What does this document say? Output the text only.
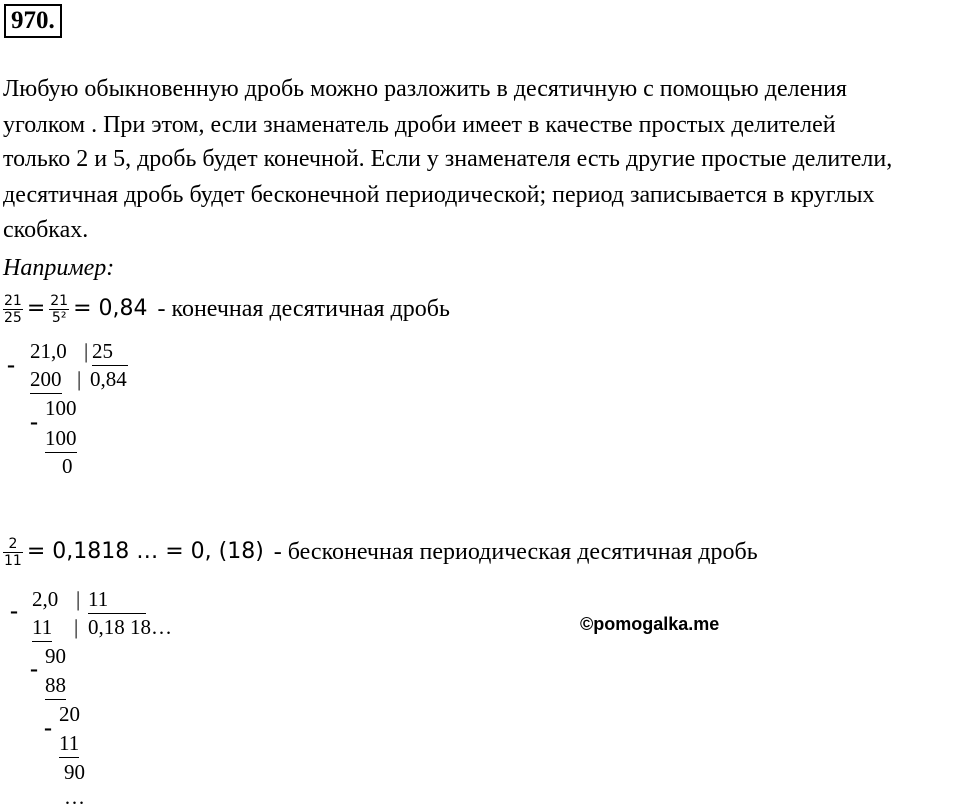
970.
Любую обыкновенную дробь можно разложить в десятичную с помощью деления
уголком . При этом, если знаменатель дроби имеет в качестве простых делителей
только 2 и 5, дробь будет конечной. Если у знаменателя есть другие простые делители,
десятичная дробь будет бесконечной периодической; период записывается в круглых
скобках.
Например:
$\frac{21}{25} = \frac{21}{\text{5²}} = 0,84$ - конечная десятичная дробь
-
21,0 | 25
200 | 0,84
-
100
100
0
$\frac{2}{11} = 0,1818$ … = 0, (18) - бесконечная периодическая десятичная дробь
- 2,0 | 11
11 | 0,18 18…
- 90
88
-
20
11
90
…
©pomogalka.me
